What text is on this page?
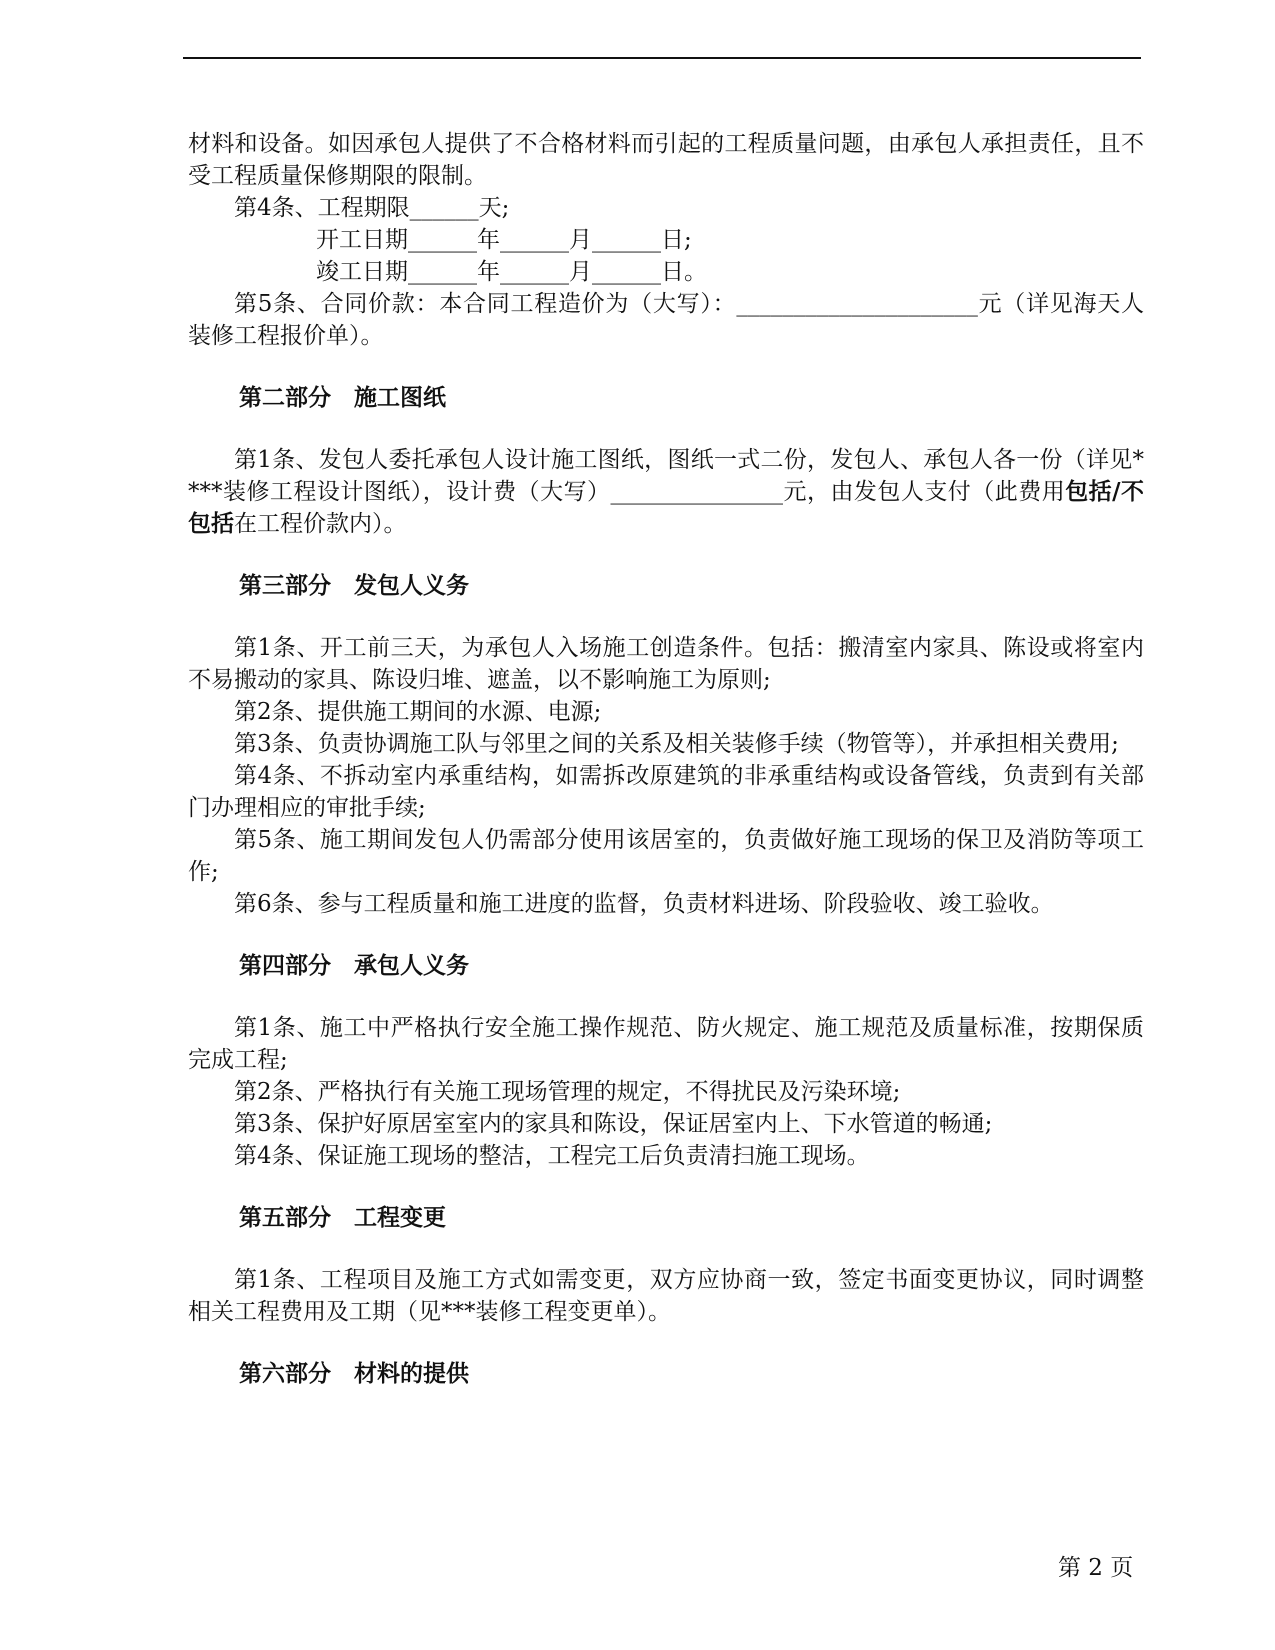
材料和设备。如因承包人提供了不合格材料而引起的工程质量问题，由承包人承担责任，且不受工程质量保修期限的限制。

第4条、工程期限______天;

开工日期______年______月______日;

竣工日期______年______月______日。

第5条、合同价款：本合同工程造价为（大写）：_____________________元（详见海天人装修工程报价单）。

第二部分　施工图纸

第1条、发包人委托承包人设计施工图纸，图纸一式二份，发包人、承包人各一份（详见****装修工程设计图纸），设计费（大写）_______________元，由发包人支付（此费用包括/不包括在工程价款内）。

第三部分　发包人义务

第1条、开工前三天，为承包人入场施工创造条件。包括：搬清室内家具、陈设或将室内不易搬动的家具、陈设归堆、遮盖，以不影响施工为原则;

第2条、提供施工期间的水源、电源;

第3条、负责协调施工队与邻里之间的关系及相关装修手续（物管等），并承担相关费用;

第4条、不拆动室内承重结构，如需拆改原建筑的非承重结构或设备管线，负责到有关部门办理相应的审批手续;

第5条、施工期间发包人仍需部分使用该居室的，负责做好施工现场的保卫及消防等项工作;

第6条、参与工程质量和施工进度的监督，负责材料进场、阶段验收、竣工验收。

第四部分　承包人义务

第1条、施工中严格执行安全施工操作规范、防火规定、施工规范及质量标准，按期保质完成工程;

第2条、严格执行有关施工现场管理的规定，不得扰民及污染环境;

第3条、保护好原居室室内的家具和陈设，保证居室内上、下水管道的畅通;

第4条、保证施工现场的整洁，工程完工后负责清扫施工现场。

第五部分　工程变更

第1条、工程项目及施工方式如需变更，双方应协商一致，签定书面变更协议，同时调整相关工程费用及工期（见***装修工程变更单）。

第六部分　材料的提供
第 2 页
